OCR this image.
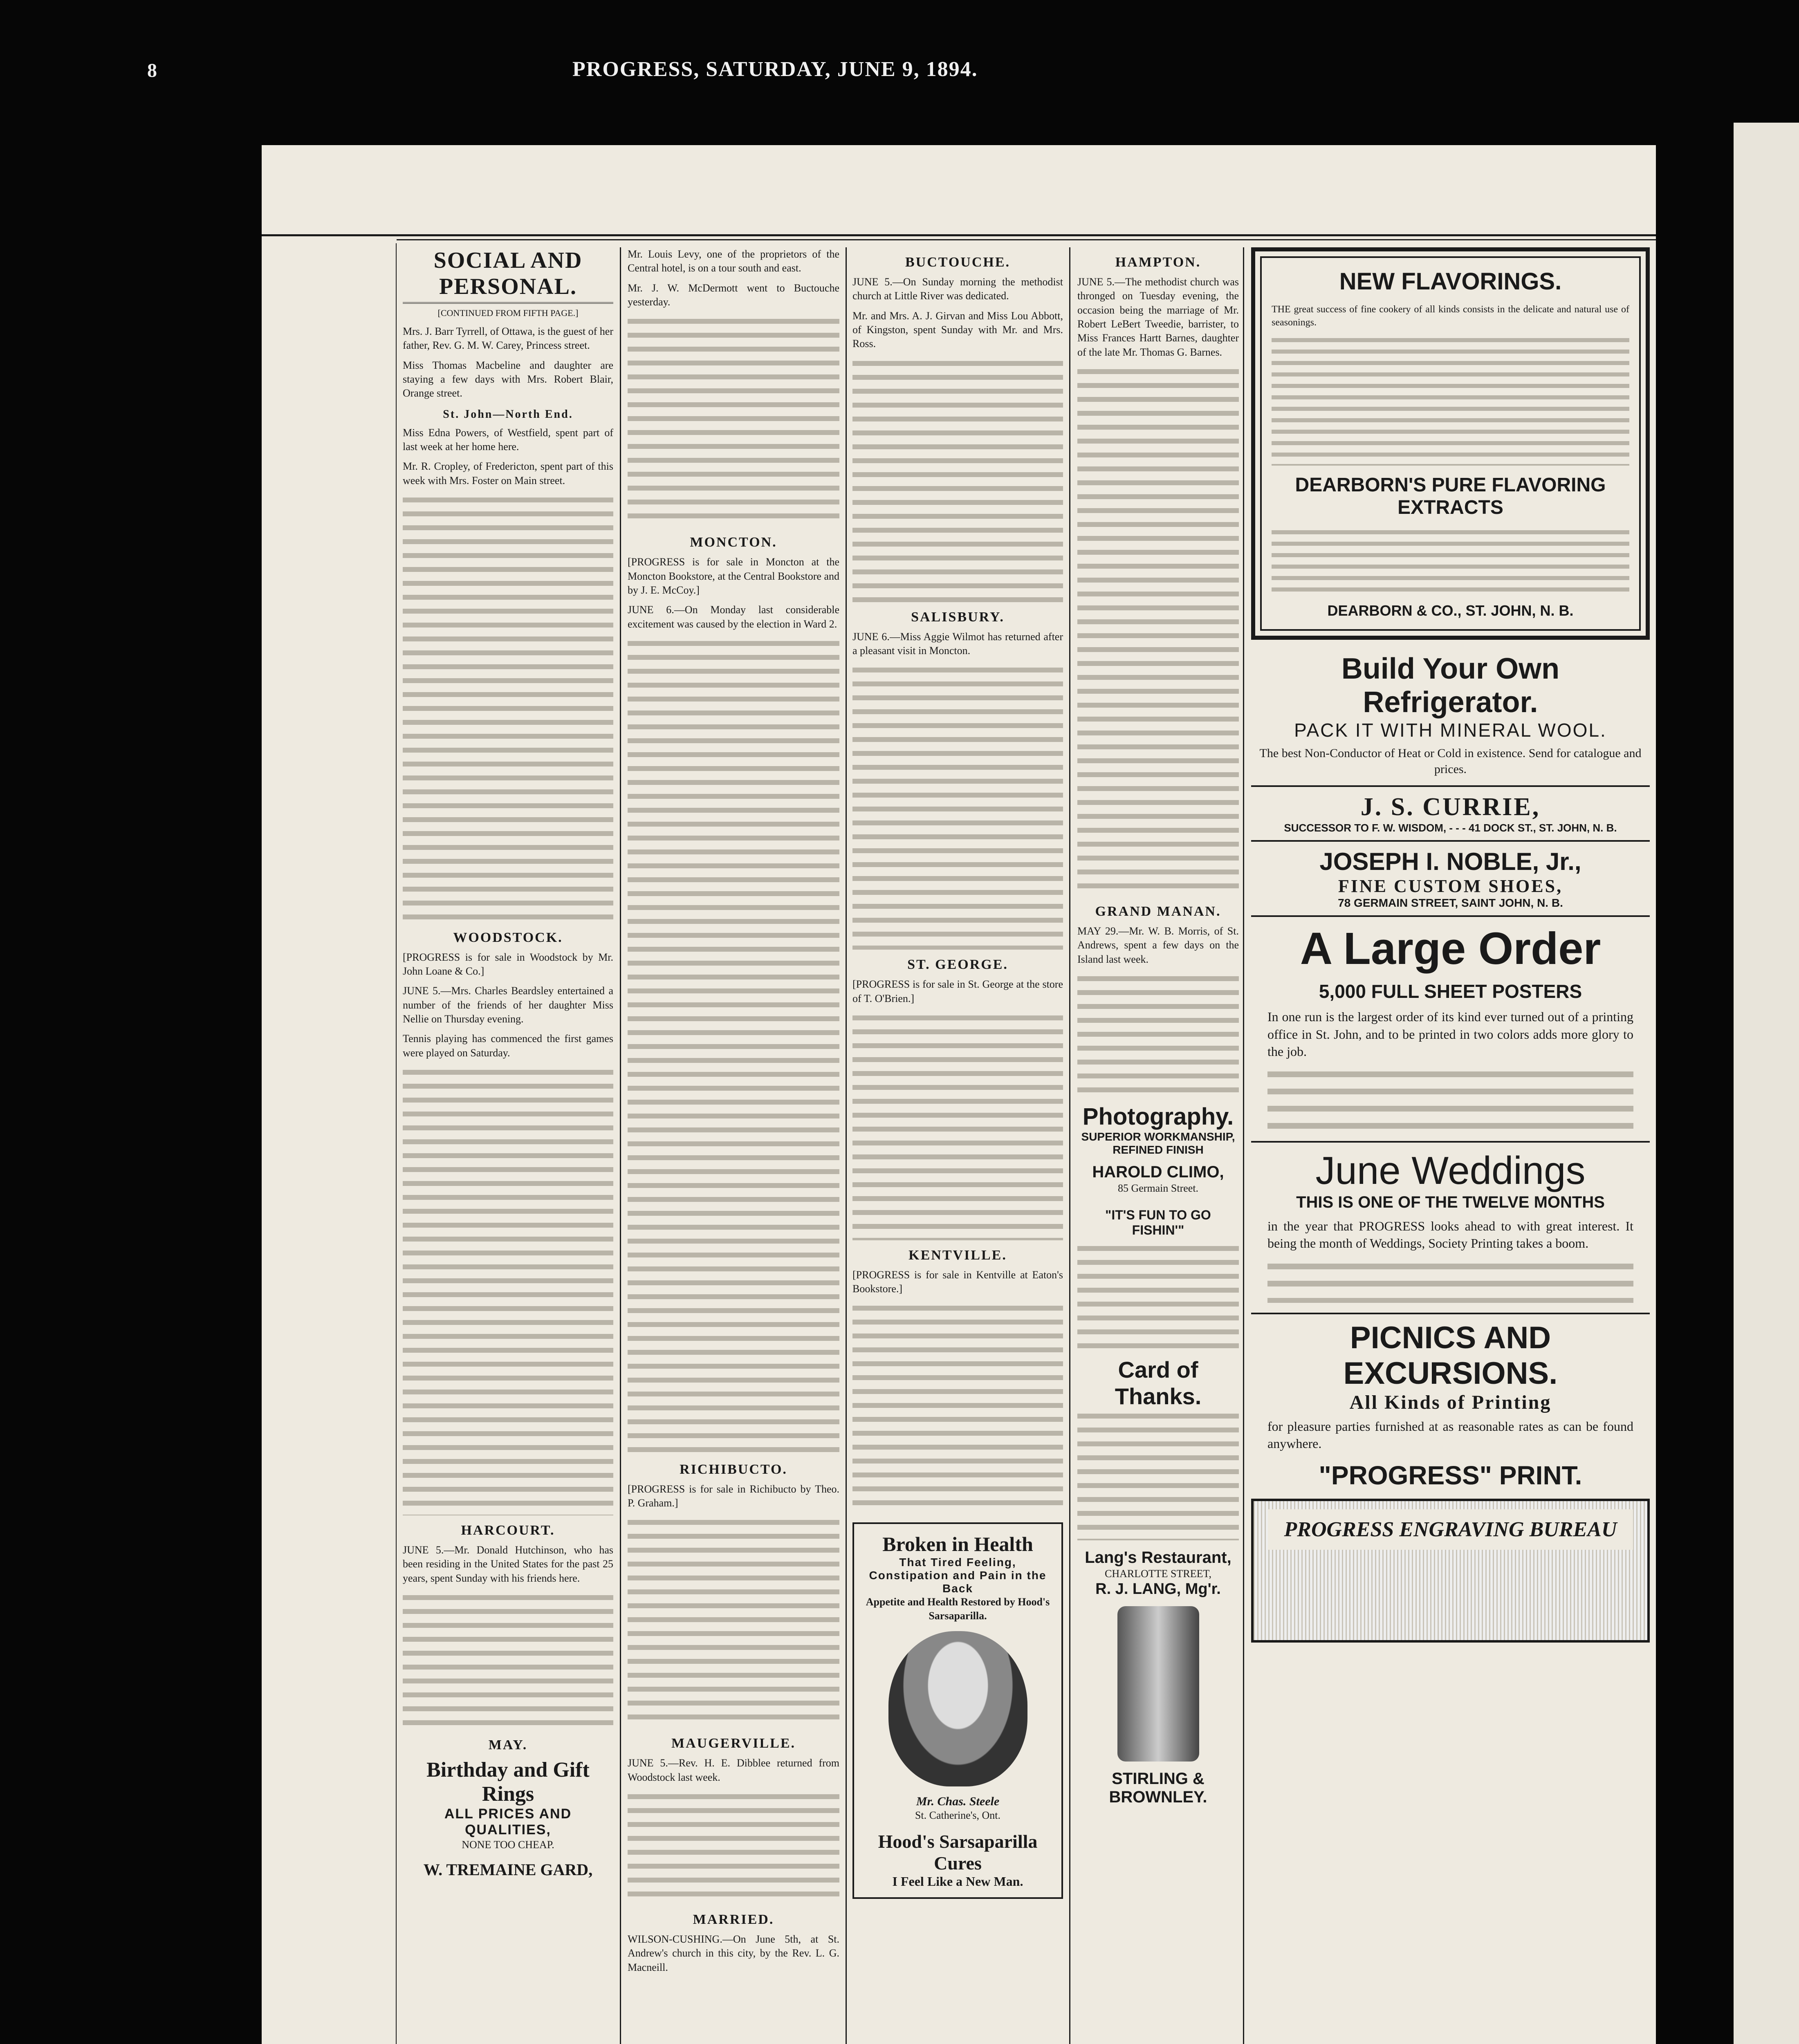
SOCIAL AND PERSONAL.

[CONTINUED FROM FIFTH PAGE.]

Mrs. J. Barr Tyrrell, of Ottawa, is the guest of her father, Rev. G. M. W. Carey, Princess street.

Miss Thomas Macbeline and daughter are staying a few days with Mrs. Robert Blair, Orange street.

St. John—North End.

Miss Edna Powers, of Westfield, spent part of last week at her home here.

Mr. R. Cropley, of Fredericton, spent part of this week with Mrs. Foster on Main street.

WOODSTOCK.

[PROGRESS is for sale in Woodstock by Mr. John Loane & Co.]

JUNE 5.—Mrs. Charles Beardsley entertained a number of the friends of her daughter Miss Nellie on Thursday evening.

Tennis playing has commenced the first games were played on Saturday.

HARCOURT.

JUNE 5.—Mr. Donald Hutchinson, who has been residing in the United States for the past 25 years, spent Sunday with his friends here.

MAY.
Birthday and Gift Rings
ALL PRICES AND QUALITIES,
NONE TOO CHEAP.
W. TREMAINE GARD,

Mr. Louis Levy, one of the proprietors of the Central hotel, is on a tour south and east.

Mr. J. W. McDermott went to Buctouche yesterday.

MONCTON.

[PROGRESS is for sale in Moncton at the Moncton Bookstore, at the Central Bookstore and by J. E. McCoy.]

JUNE 6.—On Monday last considerable excitement was caused by the election in Ward 2.

RICHIBUCTO.

[PROGRESS is for sale in Richibucto by Theo. P. Graham.]

MAUGERVILLE.

JUNE 5.—Rev. H. E. Dibblee returned from Woodstock last week.

MARRIED.

WILSON-CUSHING.—On June 5th, at St. Andrew's church in this city, by the Rev. L. G. Macneill.

BUCTOUCHE.

JUNE 5.—On Sunday morning the methodist church at Little River was dedicated.

Mr. and Mrs. A. J. Girvan and Miss Lou Abbott, of Kingston, spent Sunday with Mr. and Mrs. Ross.

SALISBURY.

JUNE 6.—Miss Aggie Wilmot has returned after a pleasant visit in Moncton.

ST. GEORGE.

[PROGRESS is for sale in St. George at the store of T. O'Brien.]

KENTVILLE.

[PROGRESS is for sale in Kentville at Eaton's Bookstore.]

Broken in Health
That Tired Feeling, Constipation and Pain in the Back
Appetite and Health Restored by Hood's Sarsaparilla.
Mr. Chas. Steele
St. Catherine's, Ont.
Hood's Sarsaparilla Cures
I Feel Like a New Man.
HAMPTON.

JUNE 5.—The methodist church was thronged on Tuesday evening, the occasion being the marriage of Mr. Robert LeBert Tweedie, barrister, to Miss Frances Hartt Barnes, daughter of the late Mr. Thomas G. Barnes.

GRAND MANAN.

MAY 29.—Mr. W. B. Morris, of St. Andrews, spent a few days on the Island last week.

Photography.
SUPERIOR WORKMANSHIP,
REFINED FINISH
HAROLD CLIMO,
85 Germain Street.
"IT'S FUN TO GO FISHIN'"
Card of Thanks.
Lang's Restaurant,
CHARLOTTE STREET,
R. J. LANG, Mg'r.
STIRLING & BROWNLEY.
NEW FLAVORINGS.

THE great success of fine cookery of all kinds consists in the delicate and natural use of seasonings.

DEARBORN'S PURE FLAVORING EXTRACTS
DEARBORN & CO., ST. JOHN, N. B.
Build Your Own Refrigerator.
PACK IT WITH MINERAL WOOL.
The best Non-Conductor of Heat or Cold in existence. Send for catalogue and prices.
J. S. CURRIE,
SUCCESSOR TO F. W. WISDOM, - - - 41 DOCK ST., ST. JOHN, N. B.
JOSEPH I. NOBLE, Jr.,
FINE CUSTOM SHOES,
78 GERMAIN STREET, SAINT JOHN, N. B.
A Large Order
5,000 FULL SHEET POSTERS

In one run is the largest order of its kind ever turned out of a printing office in St. John, and to be printed in two colors adds more glory to the job.

June Weddings
THIS IS ONE OF THE TWELVE MONTHS

in the year that PROGRESS looks ahead to with great interest. It being the month of Weddings, Society Printing takes a boom.

PICNICS AND EXCURSIONS.
All Kinds of Printing

for pleasure parties furnished at as reasonable rates as can be found anywhere.

"PROGRESS" PRINT.
PROGRESS ENGRAVING BUREAU
8	PROGRESS, SATURDAY, JUNE 9, 1894.
